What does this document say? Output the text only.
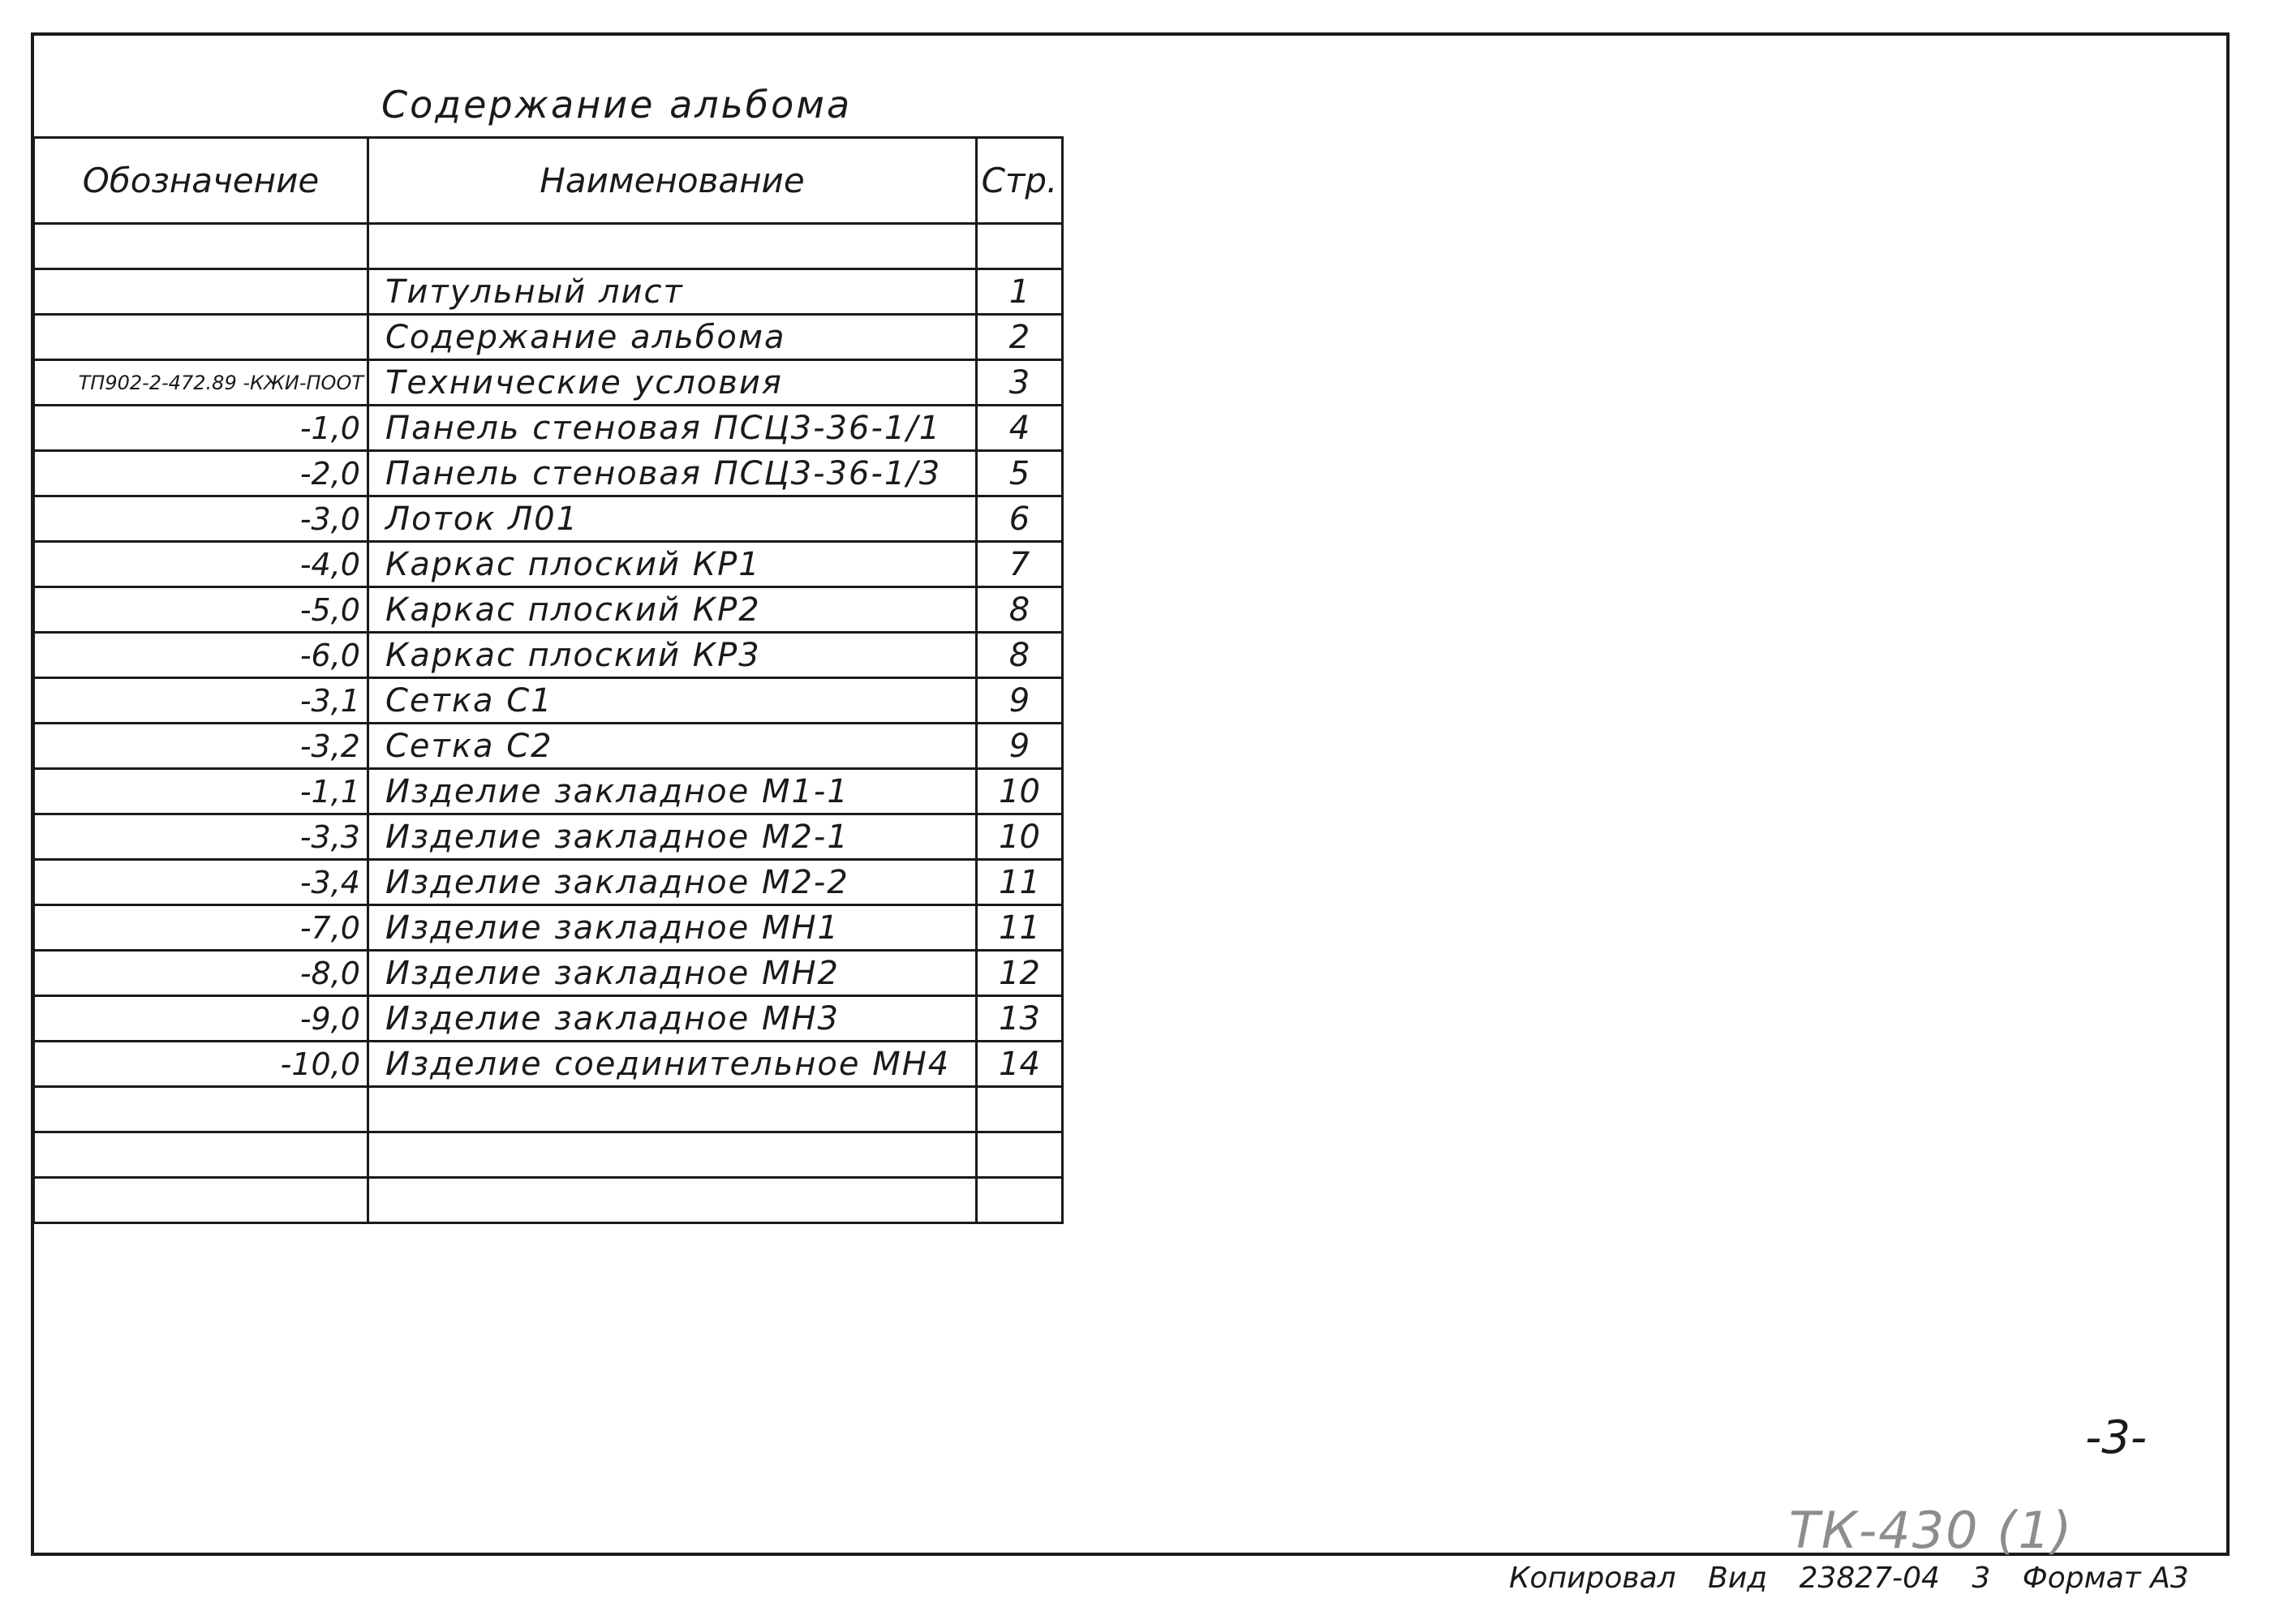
Содержание альбома
Обозначение	Наименование	Стр.

	Титульный лист	1
	Содержание альбома	2
ТП902-2-472.89 -КЖИ-ПООТ	Технические условия	3
-1,0	Панель стеновая ПСЦ3-36-1/1	4
-2,0	Панель стеновая ПСЦ3-36-1/3	5
-3,0	Лоток Л01	6
-4,0	Каркас плоский КР1	7
-5,0	Каркас плоский КР2	8
-6,0	Каркас плоский КР3	8
-3,1	Сетка С1	9
-3,2	Сетка С2	9
-1,1	Изделие закладное М1-1	10
-3,3	Изделие закладное М2-1	10
-3,4	Изделие закладное М2-2	11
-7,0	Изделие закладное МН1	11
-8,0	Изделие закладное МН2	12
-9,0	Изделие закладное МН3	13
-10,0	Изделие соединительное МН4	14

-3-
ТК-430 (1)
Копировал Вид 23827-04 3 Формат А3
